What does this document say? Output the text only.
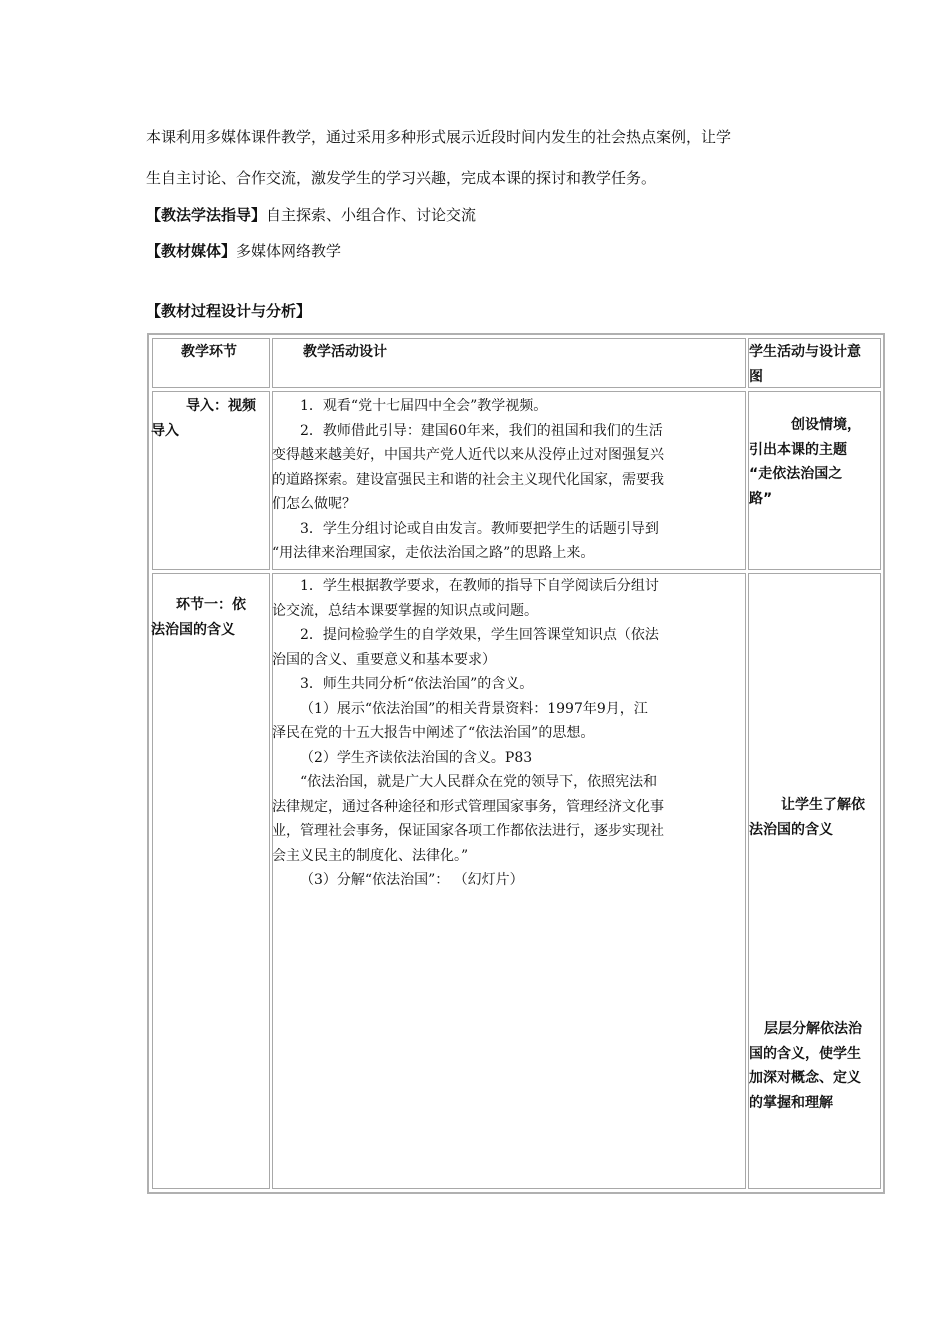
本课利用多媒体课件教学，通过采用多种形式展示近段时间内发生的社会热点案例，让学
生自主讨论、合作交流，激发学生的学习兴趣，完成本课的探讨和教学任务。
【教法学法指导】自主探索、小组合作、讨论交流
【教材媒体】多媒体网络教学
【教材过程设计与分析】
教学环节	教学活动设计	学生活动与设计意
图
导入：视频
导入
1．观看“党十七届四中全会”教学视频。
2．教师借此引导：建国60年来，我们的祖国和我们的生活
变得越来越美好，中国共产党人近代以来从没停止过对图强复兴
的道路探索。建设富强民主和谐的社会主义现代化国家，需要我
们怎么做呢？
3．学生分组讨论或自由发言。教师要把学生的话题引导到
“用法律来治理国家，走依法治国之路”的思路上来。
创设情境，
引出本课的主题
“走依法治国之
路”
环节一：依
法治国的含义
1．学生根据教学要求，在教师的指导下自学阅读后分组讨
论交流，总结本课要掌握的知识点或问题。
2．提问检验学生的自学效果，学生回答课堂知识点（依法
治国的含义、重要意义和基本要求）
3．师生共同分析“依法治国”的含义。
（1）展示“依法治国”的相关背景资料：1997年9月，江
泽民在党的十五大报告中阐述了“依法治国”的思想。
（2）学生齐读依法治国的含义。P83
“依法治国，就是广大人民群众在党的领导下，依照宪法和
法律规定，通过各种途径和形式管理国家事务，管理经济文化事
业，管理社会事务，保证国家各项工作都依法进行，逐步实现社
会主义民主的制度化、法律化。”
（3）分解“依法治国”： （幻灯片）
让学生了解依
法治国的含义
层层分解依法治
国的含义，使学生
加深对概念、定义
的掌握和理解
